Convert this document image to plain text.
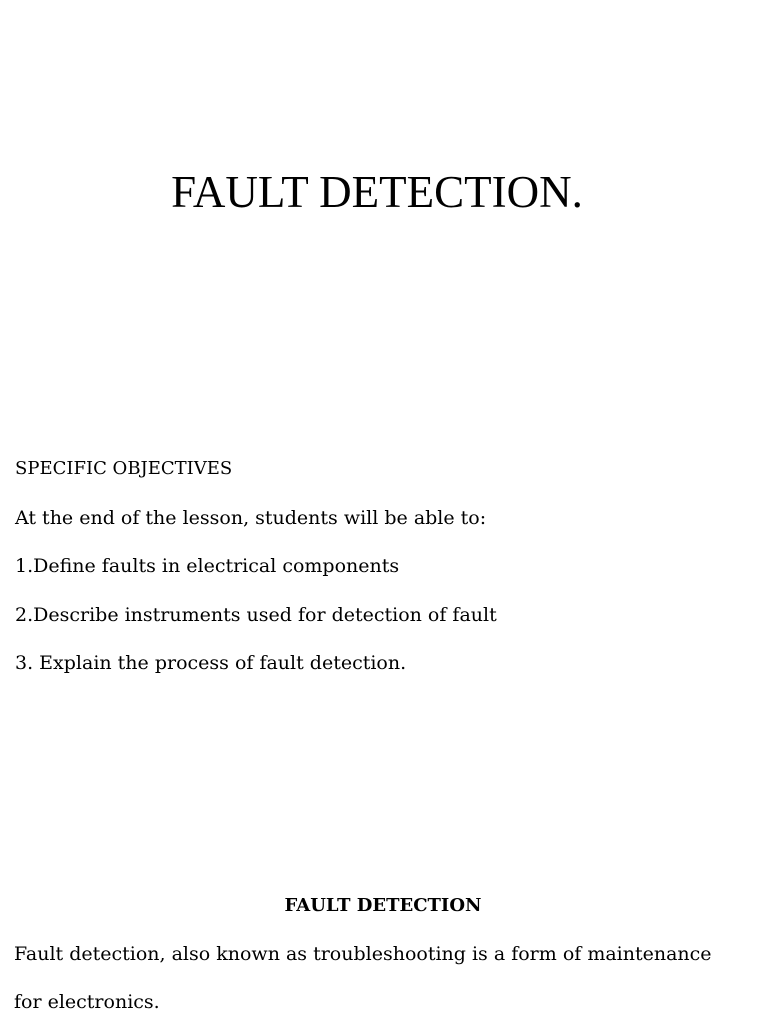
FAULT DETECTION.

SPECIFIC OBJECTIVES

At the end of the lesson, students will be able to:

1.Define faults in electrical components

2.Describe instruments used for detection of fault

3. Explain the process of fault detection.

FAULT DETECTION

Fault detection, also known as troubleshooting is a form of maintenance

for electronics.
